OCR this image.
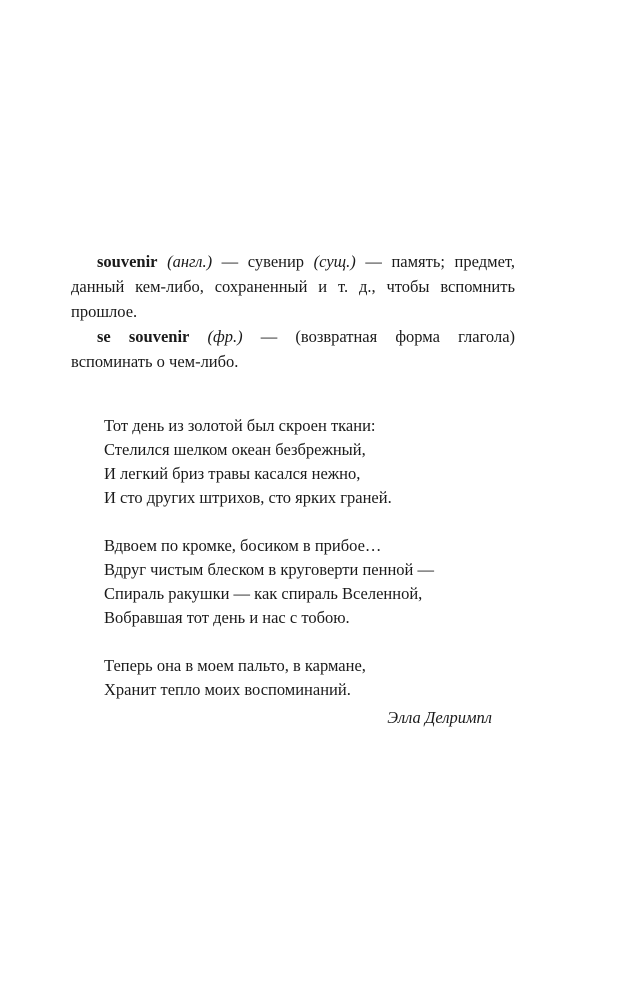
souvenir (англ.) — сувенир (сущ.) — память; предмет, данный кем-либо, сохраненный и т. д., чтобы вспомнить прошлое.

se souvenir (фр.) — (возвратная форма глагола) вспоминать о чем-либо.

Тот день из золотой был скроен ткани:
Стелился шелком океан безбрежный,
И легкий бриз травы касался нежно,
И сто других штрихов, сто ярких граней.
Вдвоем по кромке, босиком в прибое…
Вдруг чистым блеском в круговерти пенной —
Спираль ракушки — как спираль Вселенной,
Вобравшая тот день и нас с тобою.
Теперь она в моем пальто, в кармане,
Хранит тепло моих воспоминаний.
Элла Делримпл
